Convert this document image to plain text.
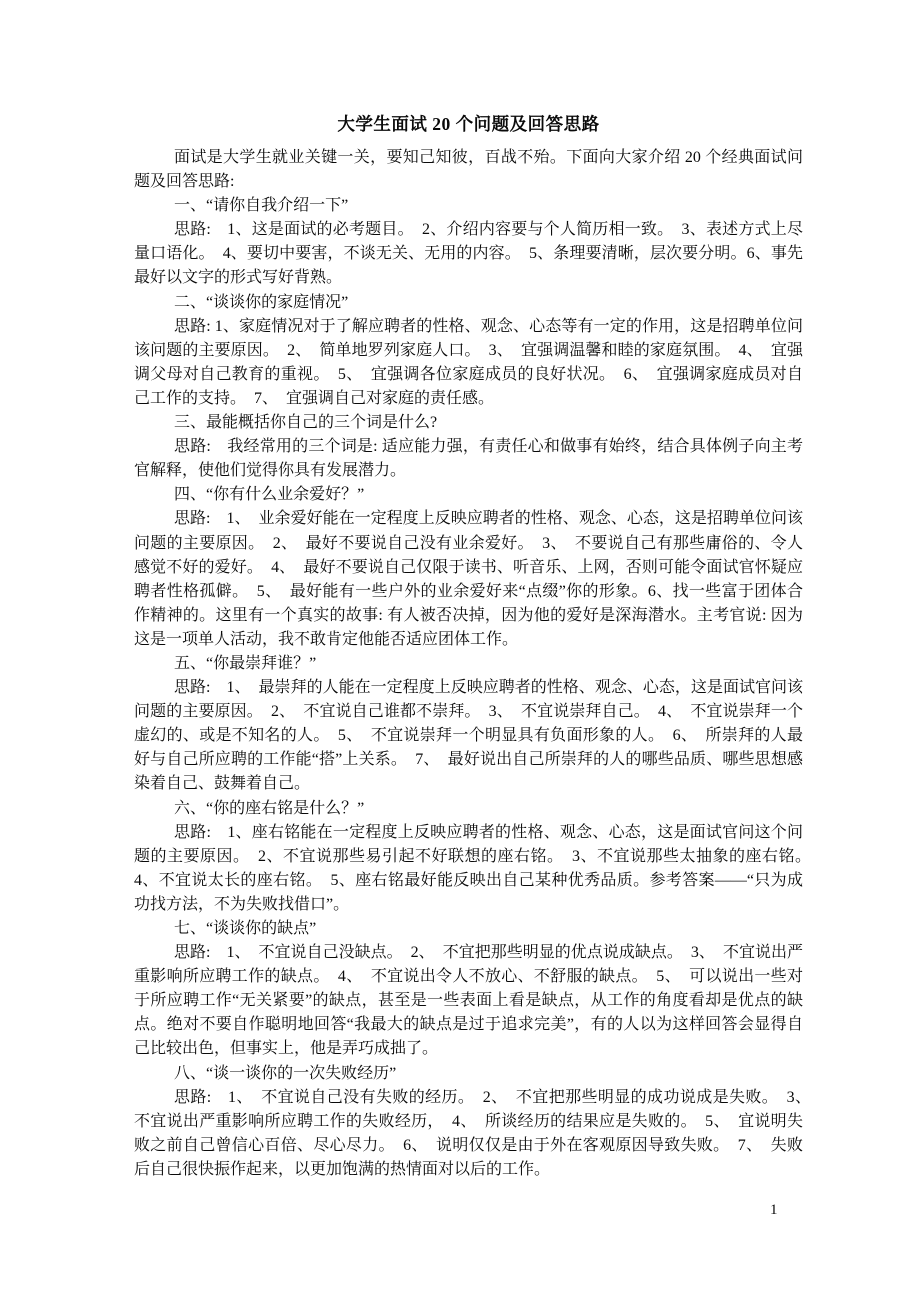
大学生面试 20 个问题及回答思路

面试是大学生就业关键一关，要知己知彼，百战不殆。下面向大家介绍 20 个经典面试问题及回答思路:

一、“请你自我介绍一下”

思路:　1、这是面试的必考题目。　2、介绍内容要与个人简历相一致。　3、表述方式上尽量口语化。　4、要切中要害，不谈无关、无用的内容。　5、条理要清晰，层次要分明。6、事先最好以文字的形式写好背熟。

二、“谈谈你的家庭情况”

思路: 1、家庭情况对于了解应聘者的性格、观念、心态等有一定的作用，这是招聘单位问该问题的主要原因。　2、　简单地罗列家庭人口。　3、　宜强调温馨和睦的家庭氛围。　4、　宜强调父母对自己教育的重视。　5、　宜强调各位家庭成员的良好状况。　6、　宜强调家庭成员对自己工作的支持。　7、　宜强调自己对家庭的责任感。

三、最能概括你自己的三个词是什么?

思路:　我经常用的三个词是: 适应能力强，有责任心和做事有始终，结合具体例子向主考官解释，使他们觉得你具有发展潜力。

四、“你有什么业余爱好？”

思路:　1、　业余爱好能在一定程度上反映应聘者的性格、观念、心态，这是招聘单位问该问题的主要原因。　2、　最好不要说自己没有业余爱好。　3、　不要说自己有那些庸俗的、令人感觉不好的爱好。　4、　最好不要说自己仅限于读书、听音乐、上网，否则可能令面试官怀疑应聘者性格孤僻。　5、　最好能有一些户外的业余爱好来“点缀”你的形象。6、找一些富于团体合作精神的。这里有一个真实的故事: 有人被否决掉，因为他的爱好是深海潜水。主考官说: 因为这是一项单人活动，我不敢肯定他能否适应团体工作。

五、“你最崇拜谁？”

思路:　1、　最崇拜的人能在一定程度上反映应聘者的性格、观念、心态，这是面试官问该问题的主要原因。　2、　不宜说自己谁都不崇拜。　3、　不宜说崇拜自己。　4、　不宜说崇拜一个虚幻的、或是不知名的人。　5、　不宜说崇拜一个明显具有负面形象的人。　6、　所崇拜的人最好与自己所应聘的工作能“搭”上关系。　7、　最好说出自己所崇拜的人的哪些品质、哪些思想感染着自己、鼓舞着自己。

六、“你的座右铭是什么？”

思路:　1、座右铭能在一定程度上反映应聘者的性格、观念、心态，这是面试官问这个问题的主要原因。　2、不宜说那些易引起不好联想的座右铭。　3、不宜说那些太抽象的座右铭。　4、不宜说太长的座右铭。　5、座右铭最好能反映出自己某种优秀品质。参考答案——“只为成功找方法，不为失败找借口”。

七、“谈谈你的缺点”

思路:　1、　不宜说自己没缺点。　2、　不宜把那些明显的优点说成缺点。　3、　不宜说出严重影响所应聘工作的缺点。　4、　不宜说出令人不放心、不舒服的缺点。　5、　可以说出一些对于所应聘工作“无关紧要”的缺点，甚至是一些表面上看是缺点，从工作的角度看却是优点的缺点。绝对不要自作聪明地回答“我最大的缺点是过于追求完美”，有的人以为这样回答会显得自己比较出色，但事实上，他是弄巧成拙了。

八、“谈一谈你的一次失败经历”

思路:　1、　不宜说自己没有失败的经历。　2、　不宜把那些明显的成功说成是失败。　3、　不宜说出严重影响所应聘工作的失败经历，　4、　所谈经历的结果应是失败的。　5、　宜说明失败之前自己曾信心百倍、尽心尽力。　6、　说明仅仅是由于外在客观原因导致失败。　7、　失败后自己很快振作起来，以更加饱满的热情面对以后的工作。

1
